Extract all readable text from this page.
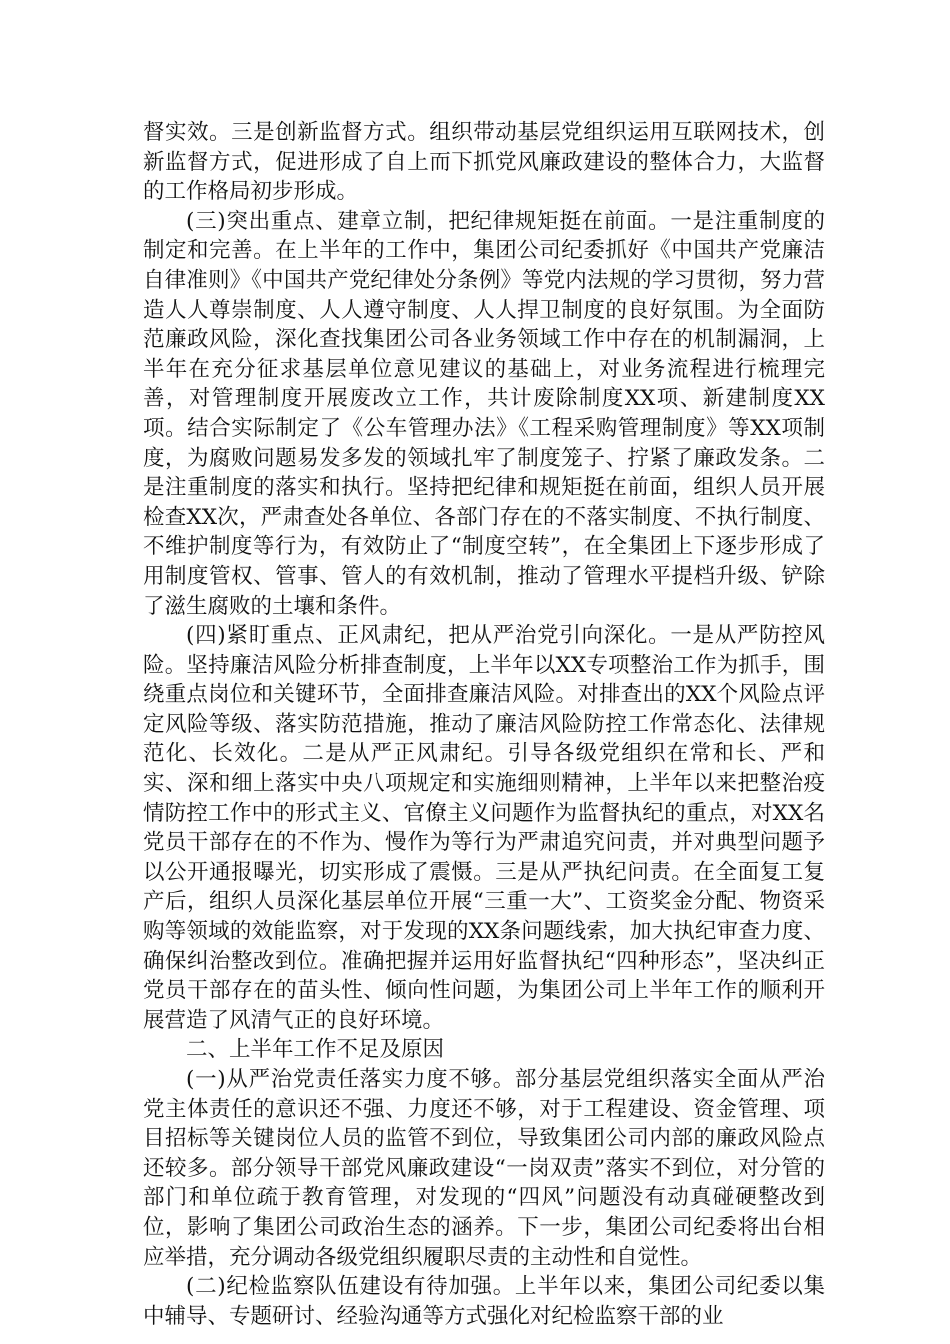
督实效。三是创新监督方式。组织带动基层党组织运用互联网技术，创新监督方式，促进形成了自上而下抓党风廉政建设的整体合力，大监督的工作格局初步形成。

(三)突出重点、建章立制，把纪律规矩挺在前面。一是注重制度的制定和完善。在上半年的工作中，集团公司纪委抓好《中国共产党廉洁自律准则》《中国共产党纪律处分条例》等党内法规的学习贯彻，努力营造人人尊崇制度、人人遵守制度、人人捍卫制度的良好氛围。为全面防范廉政风险，深化查找集团公司各业务领域工作中存在的机制漏洞，上半年在充分征求基层单位意见建议的基础上，对业务流程进行梳理完善，对管理制度开展废改立工作，共计废除制度XX项、新建制度XX项。结合实际制定了《公车管理办法》《工程采购管理制度》等XX项制度，为腐败问题易发多发的领域扎牢了制度笼子、拧紧了廉政发条。二是注重制度的落实和执行。坚持把纪律和规矩挺在前面，组织人员开展检查XX次，严肃查处各单位、各部门存在的不落实制度、不执行制度、不维护制度等行为，有效防止了“制度空转”，在全集团上下逐步形成了用制度管权、管事、管人的有效机制，推动了管理水平提档升级、铲除了滋生腐败的土壤和条件。

(四)紧盯重点、正风肃纪，把从严治党引向深化。一是从严防控风险。坚持廉洁风险分析排查制度，上半年以XX专项整治工作为抓手，围绕重点岗位和关键环节，全面排查廉洁风险。对排查出的XX个风险点评定风险等级、落实防范措施，推动了廉洁风险防控工作常态化、法律规范化、长效化。二是从严正风肃纪。引导各级党组织在常和长、严和实、深和细上落实中央八项规定和实施细则精神，上半年以来把整治疫情防控工作中的形式主义、官僚主义问题作为监督执纪的重点，对XX名党员干部存在的不作为、慢作为等行为严肃追究问责，并对典型问题予以公开通报曝光，切实形成了震慑。三是从严执纪问责。在全面复工复产后，组织人员深化基层单位开展“三重一大”、工资奖金分配、物资采购等领域的效能监察，对于发现的XX条问题线索，加大执纪审查力度、确保纠治整改到位。准确把握并运用好监督执纪“四种形态”，坚决纠正党员干部存在的苗头性、倾向性问题，为集团公司上半年工作的顺利开展营造了风清气正的良好环境。

二、上半年工作不足及原因

(一)从严治党责任落实力度不够。部分基层党组织落实全面从严治党主体责任的意识还不强、力度还不够，对于工程建设、资金管理、项目招标等关键岗位人员的监管不到位，导致集团公司内部的廉政风险点还较多。部分领导干部党风廉政建设“一岗双责”落实不到位，对分管的部门和单位疏于教育管理，对发现的“四风”问题没有动真碰硬整改到位，影响了集团公司政治生态的涵养。下一步，集团公司纪委将出台相应举措，充分调动各级党组织履职尽责的主动性和自觉性。

(二)纪检监察队伍建设有待加强。上半年以来，集团公司纪委以集中辅导、专题研讨、经验沟通等方式强化对纪检监察干部的业
